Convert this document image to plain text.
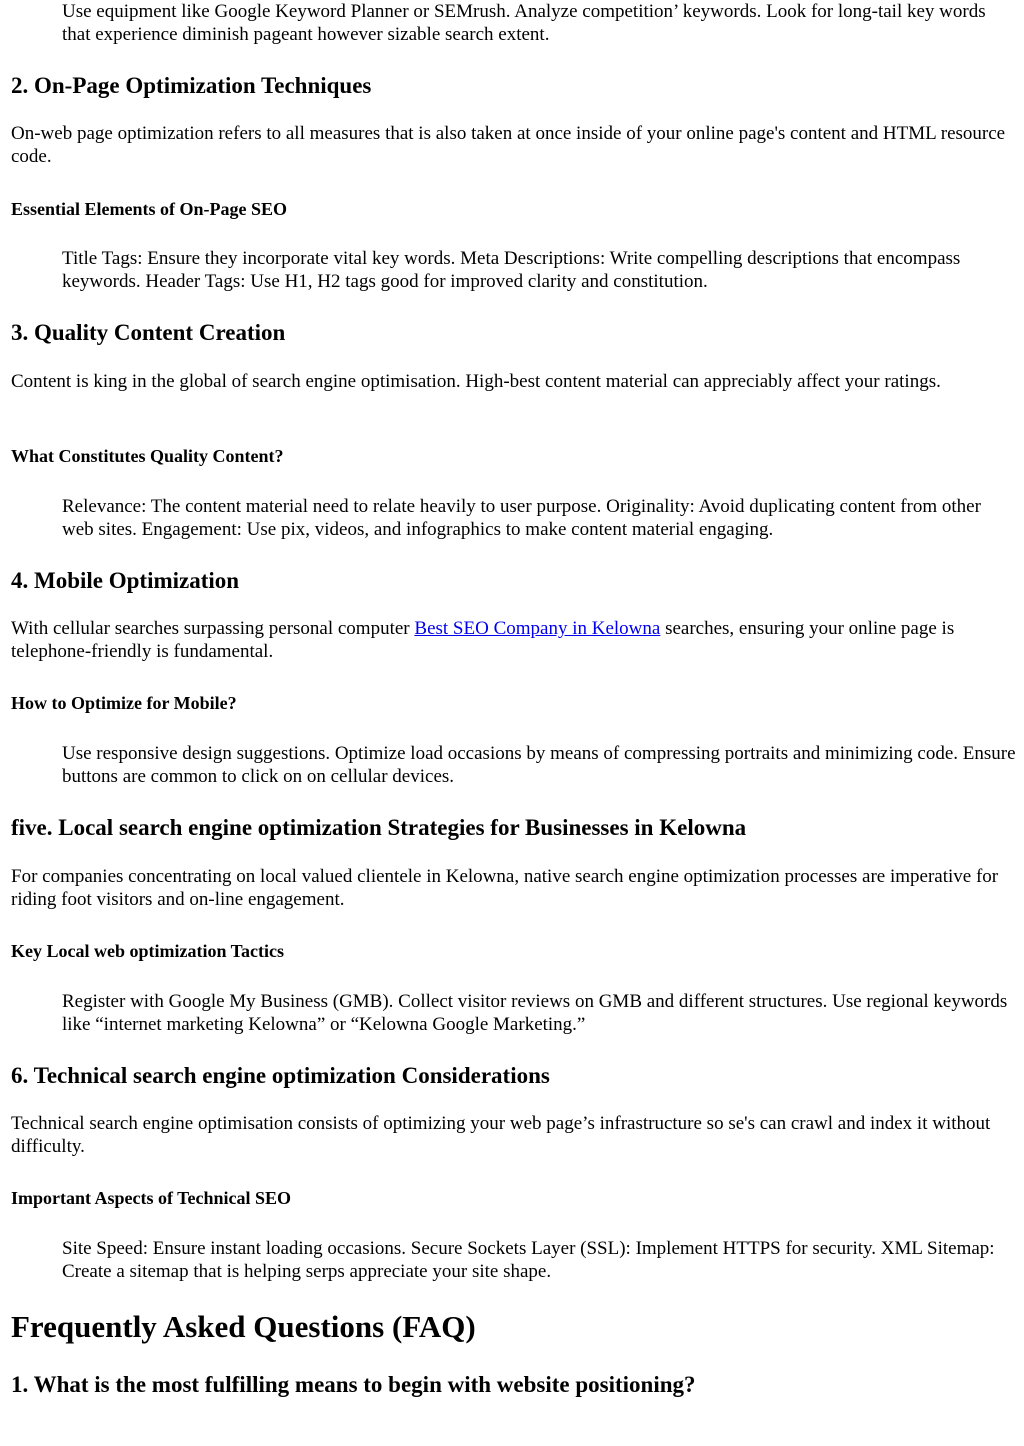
Use equipment like Google Keyword Planner or SEMrush. Analyze competition’ keywords. Look for long-tail key words that experience diminish pageant however sizable search extent.
2. On-Page Optimization Techniques
On-web page optimization refers to all measures that is also taken at once inside of your online page's content and HTML resource code.
Essential Elements of On-Page SEO
Title Tags: Ensure they incorporate vital key words. Meta Descriptions: Write compelling descriptions that encompass keywords. Header Tags: Use H1, H2 tags good for improved clarity and constitution.
3. Quality Content Creation
Content is king in the global of search engine optimisation. High-best content material can appreciably affect your ratings.
What Constitutes Quality Content?
Relevance: The content material need to relate heavily to user purpose. Originality: Avoid duplicating content from other web sites. Engagement: Use pix, videos, and infographics to make content material engaging.
4. Mobile Optimization
With cellular searches surpassing personal computer Best SEO Company in Kelowna searches, ensuring your online page is telephone-friendly is fundamental.
How to Optimize for Mobile?
Use responsive design suggestions. Optimize load occasions by means of compressing portraits and minimizing code. Ensure buttons are common to click on on cellular devices.
five. Local search engine optimization Strategies for Businesses in Kelowna
For companies concentrating on local valued clientele in Kelowna, native search engine optimization processes are imperative for riding foot visitors and on-line engagement.
Key Local web optimization Tactics
Register with Google My Business (GMB). Collect visitor reviews on GMB and different structures. Use regional keywords like “internet marketing Kelowna” or “Kelowna Google Marketing.”
6. Technical search engine optimization Considerations
Technical search engine optimisation consists of optimizing your web page’s infrastructure so se's can crawl and index it without difficulty.
Important Aspects of Technical SEO
Site Speed: Ensure instant loading occasions. Secure Sockets Layer (SSL): Implement HTTPS for security. XML Sitemap: Create a sitemap that is helping serps appreciate your site shape.
Frequently Asked Questions (FAQ)
1. What is the most fulfilling means to begin with website positioning?
